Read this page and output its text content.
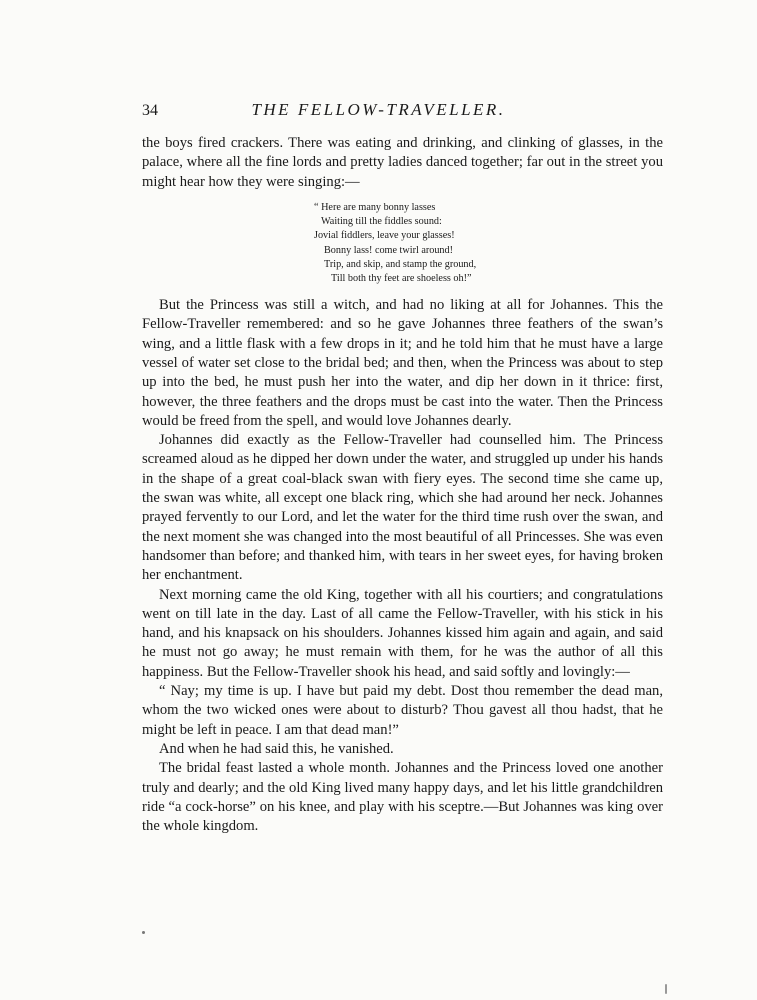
34	THE FELLOW-TRAVELLER.

the boys fired crackers. There was eating and drinking, and clinking of glasses, in the palace, where all the fine lords and pretty ladies danced together; far out in the street you might hear how they were singing:—

“ Here are many bonny lasses
Waiting till the fiddles sound:
Jovial fiddlers, leave your glasses!
Bonny lass! come twirl around!
Trip, and skip, and stamp the ground,
Till both thy feet are shoeless oh!”

But the Princess was still a witch, and had no liking at all for Johannes. This the Fellow-Traveller remembered: and so he gave Johannes three feathers of the swan’s wing, and a little flask with a few drops in it; and he told him that he must have a large vessel of water set close to the bridal bed; and then, when the Princess was about to step up into the bed, he must push her into the water, and dip her down in it thrice: first, however, the three feathers and the drops must be cast into the water. Then the Princess would be freed from the spell, and would love Johannes dearly.

Johannes did exactly as the Fellow-Traveller had counselled him. The Princess screamed aloud as he dipped her down under the water, and struggled up under his hands in the shape of a great coal-black swan with fiery eyes. The second time she came up, the swan was white, all except one black ring, which she had around her neck. Johannes prayed fervently to our Lord, and let the water for the third time rush over the swan, and the next moment she was changed into the most beautiful of all Princesses. She was even handsomer than before; and thanked him, with tears in her sweet eyes, for having broken her enchantment.

Next morning came the old King, together with all his courtiers; and congratulations went on till late in the day. Last of all came the Fellow-Traveller, with his stick in his hand, and his knapsack on his shoulders. Johannes kissed him again and again, and said he must not go away; he must remain with them, for he was the author of all this happiness. But the Fellow-Traveller shook his head, and said softly and lovingly:—

“ Nay; my time is up. I have but paid my debt. Dost thou remember the dead man, whom the two wicked ones were about to disturb? Thou gavest all thou hadst, that he might be left in peace. I am that dead man!”

And when he had said this, he vanished.

The bridal feast lasted a whole month. Johannes and the Princess loved one another truly and dearly; and the old King lived many happy days, and let his little grandchildren ride “a cock-horse” on his knee, and play with his sceptre.—But Johannes was king over the whole kingdom.
